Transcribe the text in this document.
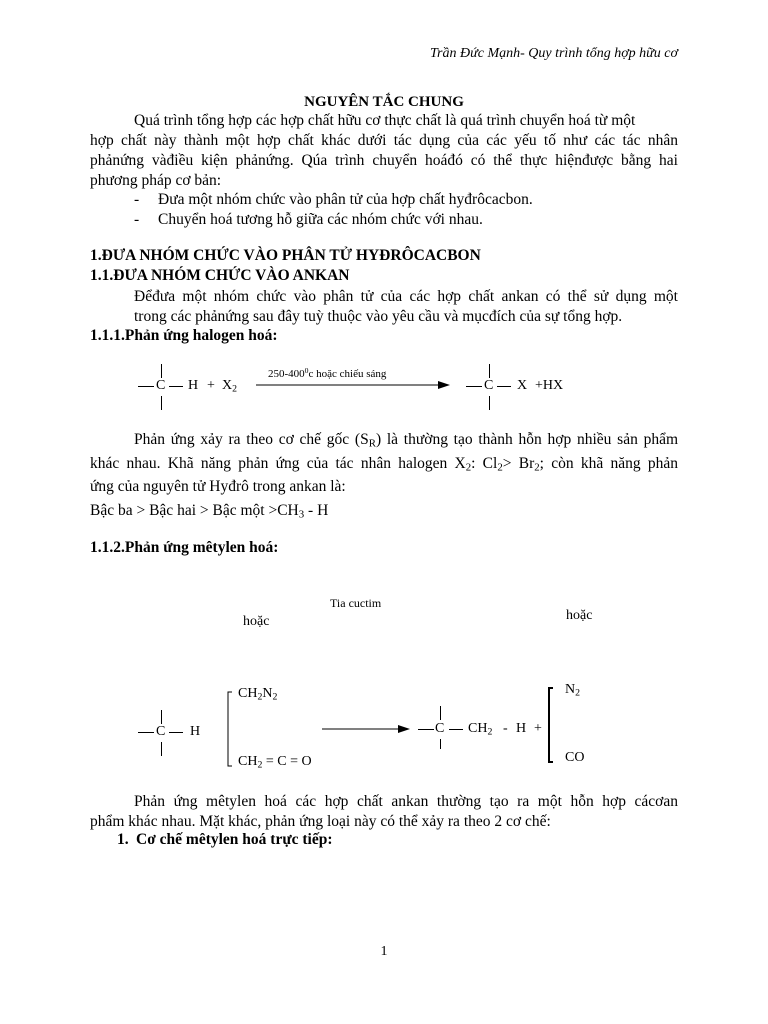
Trần Đức Mạnh- Quy trình tổng hợp hữu cơ
NGUYÊN TẮC CHUNG
Quá trình tổng hợp các hợp chất hữu cơ thực chất là quá trình chuyển hoá từ một
hợp chất này thành một hợp chất khác dưới tác dụng của các yếu tố như các tác nhân
phảnứng vàđiều kiện phảnứng. Qúa trình chuyển hoáđó có thể thực hiệnđược bằng hai
phương pháp cơ bản:
- Đưa một nhóm chức vào phân tử của hợp chất hyđrôcacbon.
- Chuyển hoá tương hỗ giữa các nhóm chức với nhau.
1.ĐƯA NHÓM CHỨC VÀO PHÂN TỬ HYĐRÔCACBON
1.1.ĐƯA NHÓM CHỨC VÀO ANKAN
Đểđưa một nhóm chức vào phân tử của các hợp chất ankan có thể sử dụng một
trong các phảnứng sau đây tuỳ thuộc vào yêu cầu và mụcđích của sự tổng hợp.
1.1.1.Phản ứng halogen hoá:
C $H + X_2$
$250-400^0c$ hoặc chiếu sáng
C X +HX
Phản ứng xảy ra theo cơ chế gốc $(S_R)$ là thường tạo thành hỗn hợp nhiều sản phẩm
khác nhau. Khã năng phản ứng của tác nhân halogen $X_2$: $Cl_2> Br_2$; còn khã năng phản
ứng của nguyên tử Hyđrô trong ankan là:
Bậc ba > Bậc hai > Bậc một $>CH_3 - H$
1.1.2.Phản ứng mêtylen hoá:
Tia cuctim
hoặc	hoặc
C H
$CH_2N_2$
$CH_2 = C = O$
C $CH_2$ - H +
$N_2$
CO
Phản ứng mêtylen hoá các hợp chất ankan thường tạo ra một hỗn hợp cácơan
phẩm khác nhau. Mặt khác, phản ứng loại này có thể xảy ra theo 2 cơ chế:
1. Cơ chế mêtylen hoá trực tiếp:
1
